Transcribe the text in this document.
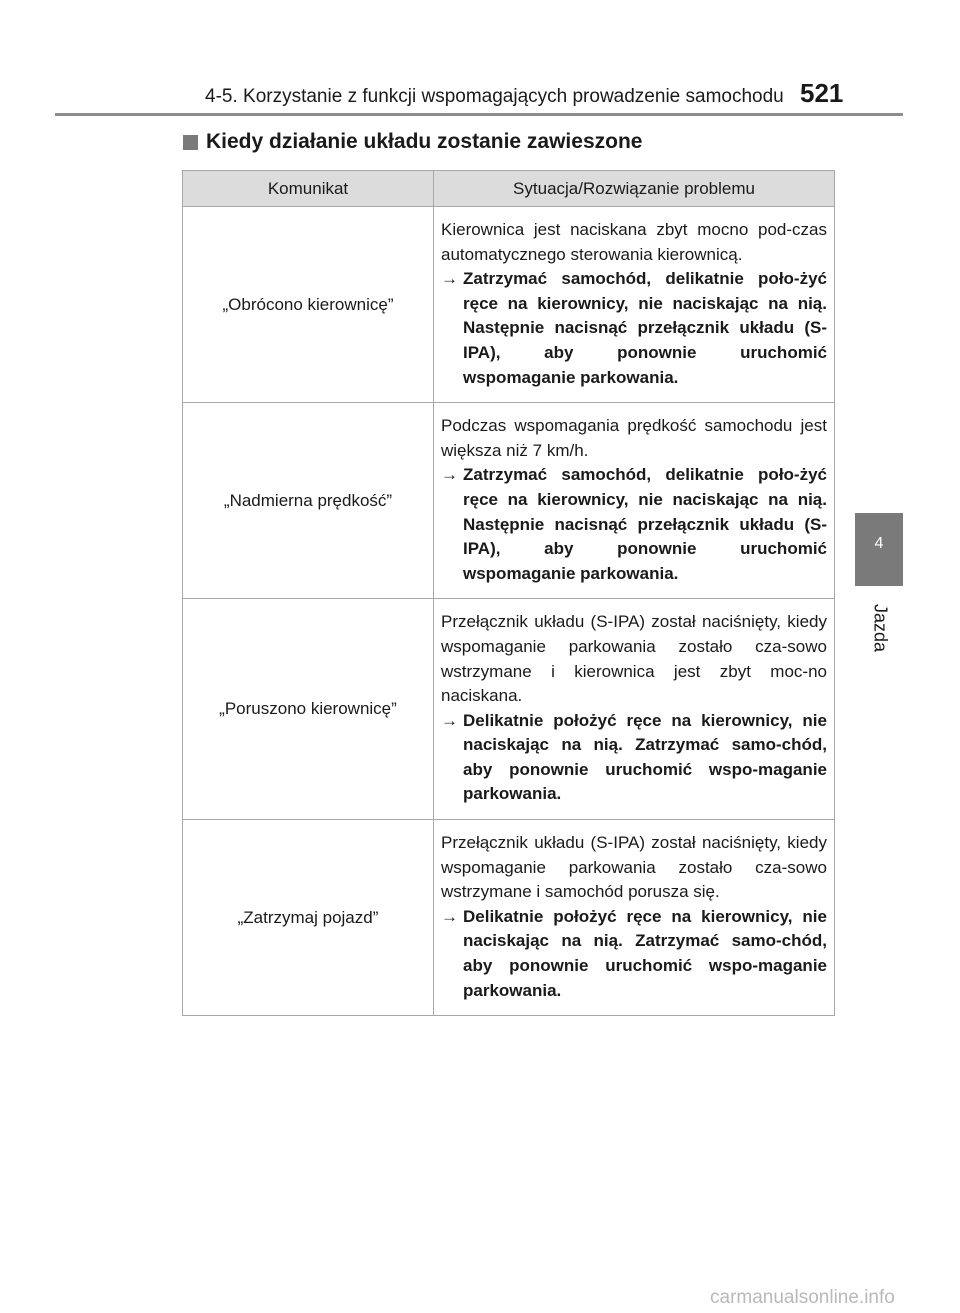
4-5. Korzystanie z funkcji wspomagających prowadzenie samochodu 521
4
Jazda
Kiedy działanie układu zostanie zawieszone
Komunikat	Sytuacja/Rozwiązanie problemu
„Obrócono kierownicę”	Kierownica jest naciskana zbyt mocno pod-czas automatycznego sterowania kierownicą.
→ Zatrzymać samochód, delikatnie poło-żyć ręce na kierownicy, nie naciskając na nią. Następnie nacisnąć przełącznik układu (S-IPA), aby ponownie uruchomić wspomaganie parkowania.

„Nadmierna prędkość”	Podczas wspomagania prędkość samochodu jest większa niż 7 km/h.
→ Zatrzymać samochód, delikatnie poło-żyć ręce na kierownicy, nie naciskając na nią. Następnie nacisnąć przełącznik układu (S-IPA), aby ponownie uruchomić wspomaganie parkowania.

„Poruszono kierownicę”	Przełącznik układu (S-IPA) został naciśnięty, kiedy wspomaganie parkowania zostało cza-sowo wstrzymane i kierownica jest zbyt moc-no naciskana.
→ Delikatnie położyć ręce na kierownicy, nie naciskając na nią. Zatrzymać samo-chód, aby ponownie uruchomić wspo-maganie parkowania.

„Zatrzymaj pojazd”	Przełącznik układu (S-IPA) został naciśnięty, kiedy wspomaganie parkowania zostało cza-sowo wstrzymane i samochód porusza się.
→ Delikatnie położyć ręce na kierownicy, nie naciskając na nią. Zatrzymać samo-chód, aby ponownie uruchomić wspo-maganie parkowania.
carmanualsonline.info
